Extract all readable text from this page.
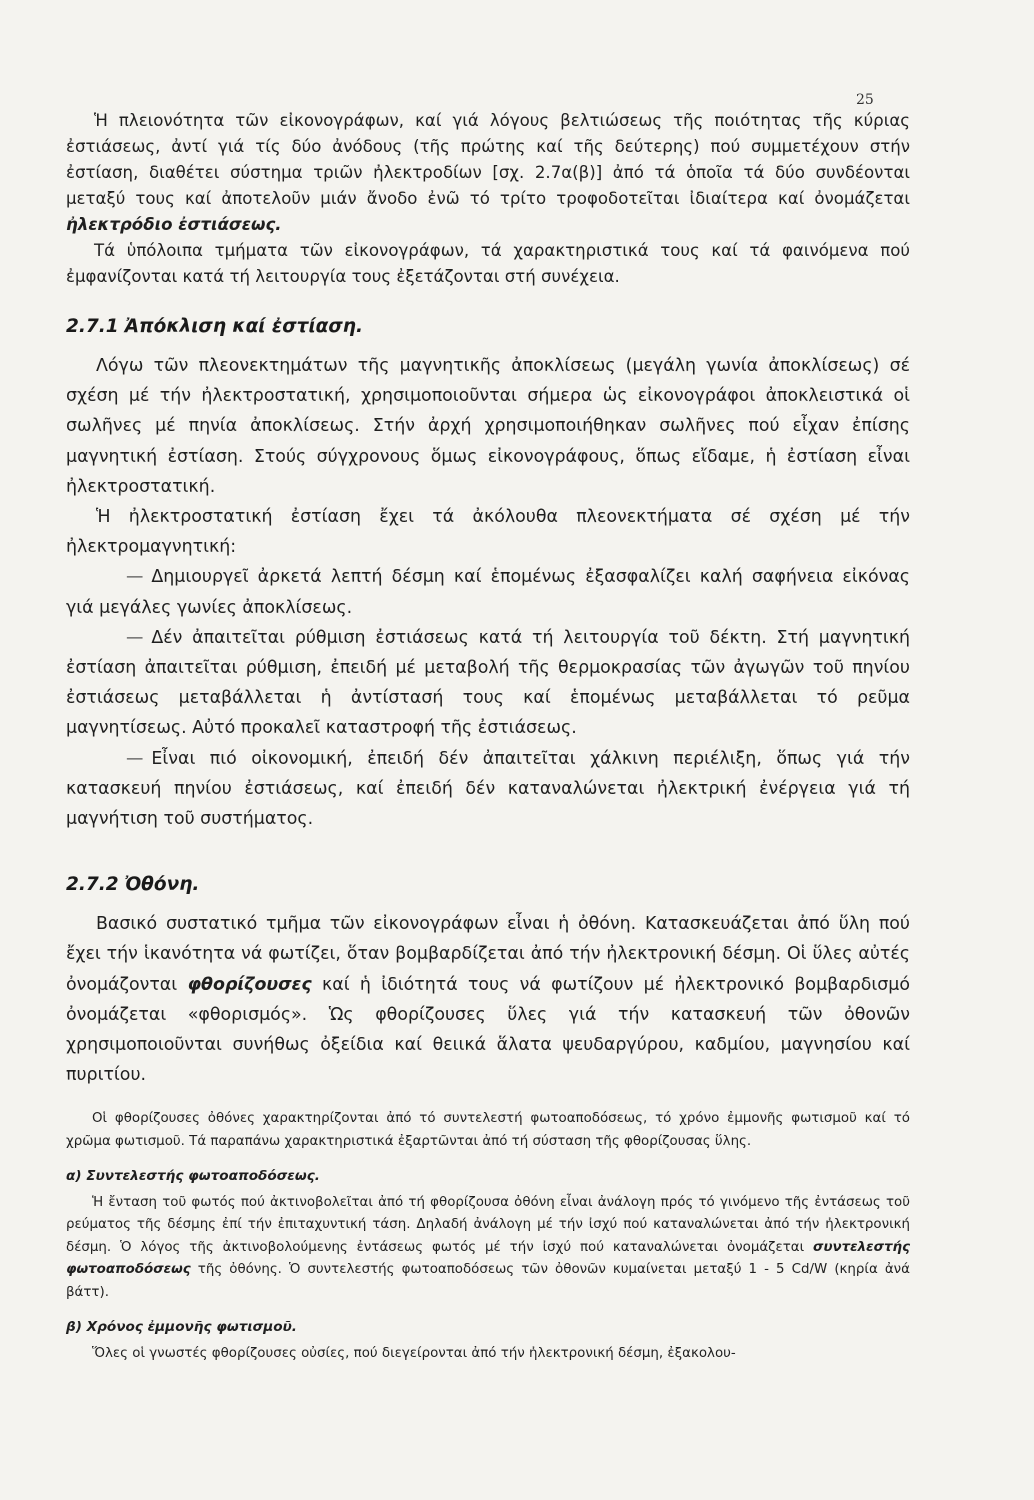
25

Ἡ πλειονότητα τῶν εἰκονογράφων, καί γιά λόγους βελτιώσεως τῆς ποιότητας τῆς κύριας ἐστιάσεως, ἀντί γιά τίς δύο ἀνόδους (τῆς πρώτης καί τῆς δεύτερης) πού συμμετέχουν στήν ἐστίαση, διαθέτει σύστημα τριῶν ἠλεκτροδίων [σχ. 2.7α(β)] ἀπό τά ὁποῖα τά δύο συνδέονται μεταξύ τους καί ἀποτελοῦν μιάν ἄνοδο ἐνῶ τό τρίτο τροφοδοτεῖται ἰδιαίτερα καί ὀνομάζεται ἠλεκτρόδιο ἐστιάσεως.

Τά ὑπόλοιπα τμήματα τῶν εἰκονογράφων, τά χαρακτηριστικά τους καί τά φαινόμενα πού ἐμφανίζονται κατά τή λειτουργία τους ἐξετάζονται στή συνέχεια.

2.7.1 Ἀπόκλιση καί ἐστίαση.

Λόγω τῶν πλεονεκτημάτων τῆς μαγνητικῆς ἀποκλίσεως (μεγάλη γωνία ἀποκλίσεως) σέ σχέση μέ τήν ἠλεκτροστατική, χρησιμοποιοῦνται σήμερα ὡς εἰκονογράφοι ἀποκλειστικά οἱ σωλῆνες μέ πηνία ἀποκλίσεως. Στήν ἀρχή χρησιμοποιήθηκαν σωλῆνες πού εἶχαν ἐπίσης μαγνητική ἐστίαση. Στούς σύγχρονους ὅμως εἰκονογράφους, ὅπως εἴδαμε, ἡ ἐστίαση εἶναι ἠλεκτροστατική.

Ἡ ἠλεκτροστατική ἐστίαση ἔχει τά ἀκόλουθα πλεονεκτήματα σέ σχέση μέ τήν ἠλεκτρομαγνητική:

— Δημιουργεῖ ἀρκετά λεπτή δέσμη καί ἑπομένως ἐξασφαλίζει καλή σαφήνεια εἰκόνας γιά μεγάλες γωνίες ἀποκλίσεως.

— Δέν ἀπαιτεῖται ρύθμιση ἐστιάσεως κατά τή λειτουργία τοῦ δέκτη. Στή μαγνητική ἐστίαση ἀπαιτεῖται ρύθμιση, ἐπειδή μέ μεταβολή τῆς θερμοκρασίας τῶν ἀγωγῶν τοῦ πηνίου ἐστιάσεως μεταβάλλεται ἡ ἀντίστασή τους καί ἑπομένως μεταβάλλεται τό ρεῦμα μαγνητίσεως. Αὐτό προκαλεῖ καταστροφή τῆς ἐστιάσεως.

— Εἶναι πιό οἰκονομική, ἐπειδή δέν ἀπαιτεῖται χάλκινη περιέλιξη, ὅπως γιά τήν κατασκευή πηνίου ἐστιάσεως, καί ἐπειδή δέν καταναλώνεται ἠλεκτρική ἐνέργεια γιά τή μαγνήτιση τοῦ συστήματος.

2.7.2 Ὀθόνη.

Βασικό συστατικό τμῆμα τῶν εἰκονογράφων εἶναι ἡ ὀθόνη. Κατασκευάζεται ἀπό ὕλη πού ἔχει τήν ἱκανότητα νά φωτίζει, ὅταν βομβαρδίζεται ἀπό τήν ἠλεκτρονική δέσμη. Οἱ ὕλες αὐτές ὀνομάζονται φθορίζουσες καί ἡ ἰδιότητά τους νά φωτίζουν μέ ἠλεκτρονικό βομβαρδισμό ὀνομάζεται «φθορισμός». Ὡς φθορίζουσες ὕλες γιά τήν κατασκευή τῶν ὀθονῶν χρησιμοποιοῦνται συνήθως ὀξείδια καί θειικά ἅλατα ψευδαργύρου, καδμίου, μαγνησίου καί πυριτίου.

Οἱ φθορίζουσες ὀθόνες χαρακτηρίζονται ἀπό τό συντελεστή φωτοαποδόσεως, τό χρόνο ἐμμονῆς φωτισμοῦ καί τό χρῶμα φωτισμοῦ. Τά παραπάνω χαρακτηριστικά ἐξαρτῶνται ἀπό τή σύσταση τῆς φθορίζουσας ὕλης.

α) Συντελεστής φωτοαποδόσεως.

Ἡ ἔνταση τοῦ φωτός πού ἀκτινοβολεῖται ἀπό τή φθορίζουσα ὀθόνη εἶναι ἀνάλογη πρός τό γινόμενο τῆς ἐντάσεως τοῦ ρεύματος τῆς δέσμης ἐπί τήν ἐπιταχυντική τάση. Δηλαδή ἀνάλογη μέ τήν ἰσχύ πού καταναλώνεται ἀπό τήν ἠλεκτρονική δέσμη. Ὁ λόγος τῆς ἀκτινοβολούμενης ἐντάσεως φωτός μέ τήν ἰσχύ πού καταναλώνεται ὀνομάζεται συντελεστής φωτοαποδόσεως τῆς ὀθόνης. Ὁ συντελεστής φωτοαποδόσεως τῶν ὀθονῶν κυμαίνεται μεταξύ 1 - 5 Cd/W (κηρία ἀνά βάττ).

β) Χρόνος ἐμμονῆς φωτισμοῦ.

Ὅλες οἱ γνωστές φθορίζουσες οὐσίες, πού διεγείρονται ἀπό τήν ἠλεκτρονική δέσμη, ἐξακολου-
